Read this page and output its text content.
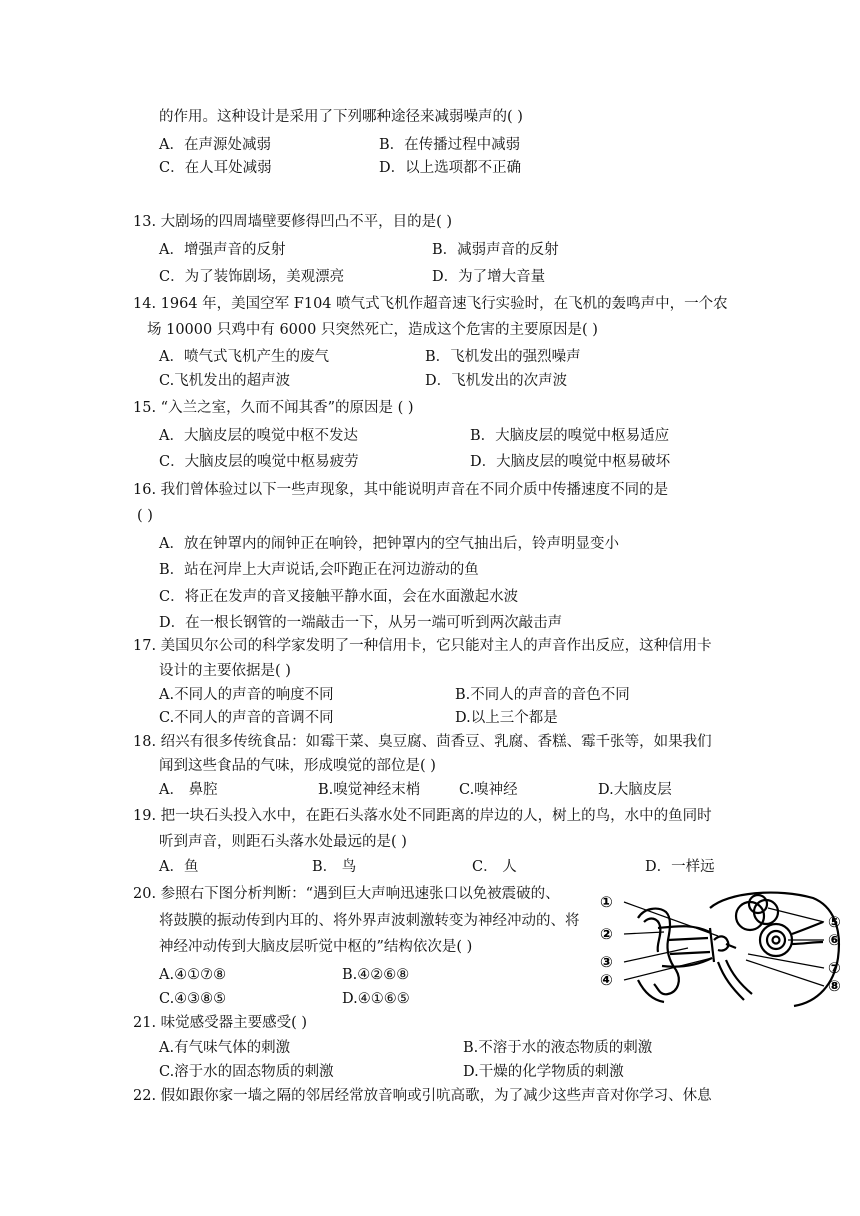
的作用。这种设计是采用了下列哪种途径来减弱噪声的( )
A．在声源处减弱	B．在传播过程中减弱
C．在人耳处减弱	D．以上选项都不正确
13. 大剧场的四周墙壁要修得凹凸不平，目的是( )
A．增强声音的反射	B．减弱声音的反射
C．为了装饰剧场，美观漂亮	D．为了增大音量
14. 1964 年，美国空军 F104 喷气式飞机作超音速飞行实验时，在飞机的轰鸣声中，一个农
场 10000 只鸡中有 6000 只突然死亡，造成这个危害的主要原因是( )
A．喷气式飞机产生的废气	B．飞机发出的强烈噪声
C.飞机发出的超声波	D．飞机发出的次声波
15. “入兰之室，久而不闻其香”的原因是 ( )
A．大脑皮层的嗅觉中枢不发达	B．大脑皮层的嗅觉中枢易适应
C．大脑皮层的嗅觉中枢易疲劳	D．大脑皮层的嗅觉中枢易破坏
16. 我们曾体验过以下一些声现象，其中能说明声音在不同介质中传播速度不同的是
( )
A．放在钟罩内的闹钟正在响铃，把钟罩内的空气抽出后，铃声明显变小
B．站在河岸上大声说话,会吓跑正在河边游动的鱼
C．将正在发声的音叉接触平静水面，会在水面激起水波
D．在一根长钢管的一端敲击一下，从另一端可听到两次敲击声
17. 美国贝尔公司的科学家发明了一种信用卡，它只能对主人的声音作出反应，这种信用卡
设计的主要依据是( )
A.不同人的声音的响度不同	B.不同人的声音的音色不同
C.不同人的声音的音调不同	D.以上三个都是
18. 绍兴有很多传统食品：如霉干菜、臭豆腐、茴香豆、乳腐、香糕、霉千张等，如果我们
闻到这些食品的气味，形成嗅觉的部位是( )
A． 鼻腔	B.嗅觉神经末梢	C.嗅神经	D.大脑皮层
19. 把一块石头投入水中，在距石头落水处不同距离的岸边的人，树上的鸟，水中的鱼同时
听到声音，则距石头落水处最远的是( )
A．鱼	B． 鸟	C． 人	D．一样远
20. 参照右下图分析判断：“遇到巨大声响迅速张口以免被震破的、
将鼓膜的振动传到内耳的、将外界声波刺激转变为神经冲动的、将
神经冲动传到大脑皮层听觉中枢的”结构依次是( )
A.④①⑦⑧	B.④②⑥⑧
C.④③⑧⑤	D.④①⑥⑤
①
②
③
④
⑤
⑥
⑦
⑧
21. 味觉感受器主要感受( )
A.有气味气体的刺激	B.不溶于水的液态物质的刺激
C.溶于水的固态物质的刺激	D.干燥的化学物质的刺激
22. 假如跟你家一墙之隔的邻居经常放音响或引吭高歌，为了减少这些声音对你学习、休息
